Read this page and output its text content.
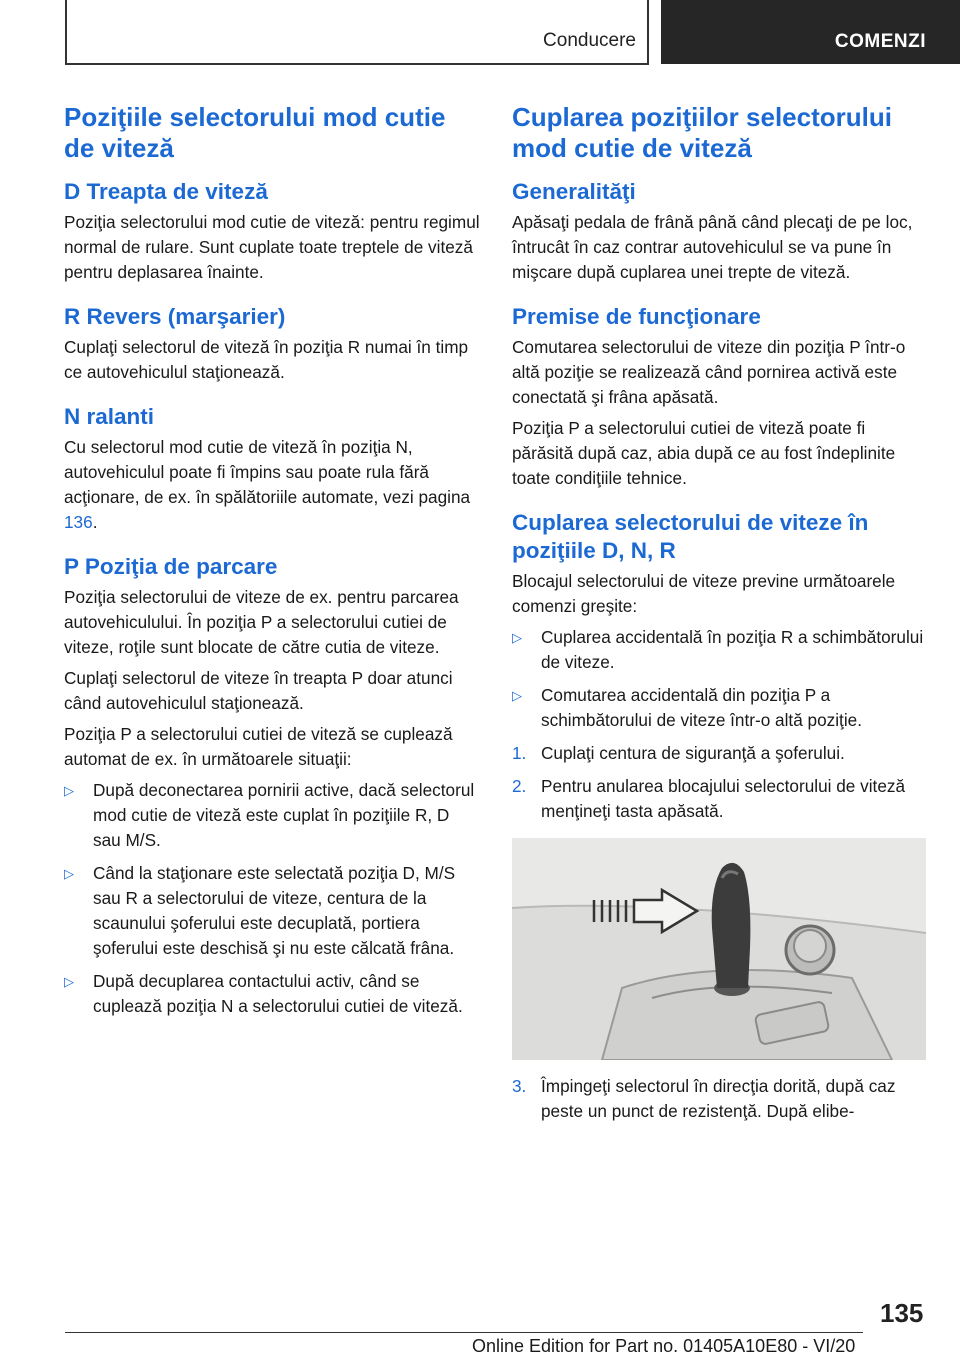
Conducere	COMENZI
Poziţiile selectorului mod cutie de viteză
D Treapta de viteză

Poziţia selectorului mod cutie de viteză: pentru regimul normal de rulare. Sunt cuplate toate treptele de viteză pentru deplasarea înainte.

R Revers (marşarier)

Cuplaţi selectorul de viteză în poziţia R numai în timp ce autovehiculul staţionează.

N ralanti

Cu selectorul mod cutie de viteză în poziţia N, autovehiculul poate fi împins sau poate rula fără acţionare, de ex. în spălătoriile automate, vezi pagina 136.

P Poziţia de parcare

Poziţia selectorului de viteze de ex. pentru parcarea autovehiculului. În poziţia P a selectorului cutiei de viteze, roţile sunt blocate de către cutia de viteze.

Cuplaţi selectorul de viteze în treapta P doar atunci când autovehiculul staţionează.

Poziţia P a selectorului cutiei de viteză se cuplează automat de ex. în următoarele situaţii:

▷ După deconectarea pornirii active, dacă selectorul mod cutie de viteză este cuplat în poziţiile R, D sau M/S.
▷ Când la staţionare este selectată poziţia D, M/S sau R a selectorului de viteze, centura de la scaunului şoferului este decuplată, portiera şoferului este deschisă şi nu este călcată frâna.
▷ După decuplarea contactului activ, când se cuplează poziţia N a selectorului cutiei de viteză.
Cuplarea poziţiilor selectorului mod cutie de viteză
Generalităţi

Apăsaţi pedala de frână până când plecaţi de pe loc, întrucât în caz contrar autovehiculul se va pune în mişcare după cuplarea unei trepte de viteză.

Premise de funcţionare

Comutarea selectorului de viteze din poziţia P într-o altă poziţie se realizează când pornirea activă este conectată şi frâna apăsată.

Poziţia P a selectorului cutiei de viteză poate fi părăsită după caz, abia după ce au fost îndeplinite toate condiţiile tehnice.

Cuplarea selectorului de viteze în poziţiile D, N, R

Blocajul selectorului de viteze previne următoarele comenzi greşite:

▷ Cuplarea accidentală în poziţia R a schimbătorului de viteze.
▷ Comutarea accidentală din poziţia P a schimbătorului de viteze într-o altă poziţie.
1. Cuplaţi centura de siguranţă a şoferului.
2. Pentru anularea blocajului selectorului de viteză menţineţi tasta apăsată.
3. Împingeţi selectorul în direcţia dorită, după caz peste un punct de rezistenţă. După elibe-
135
Online Edition for Part no. 01405A10E80 - VI/20
